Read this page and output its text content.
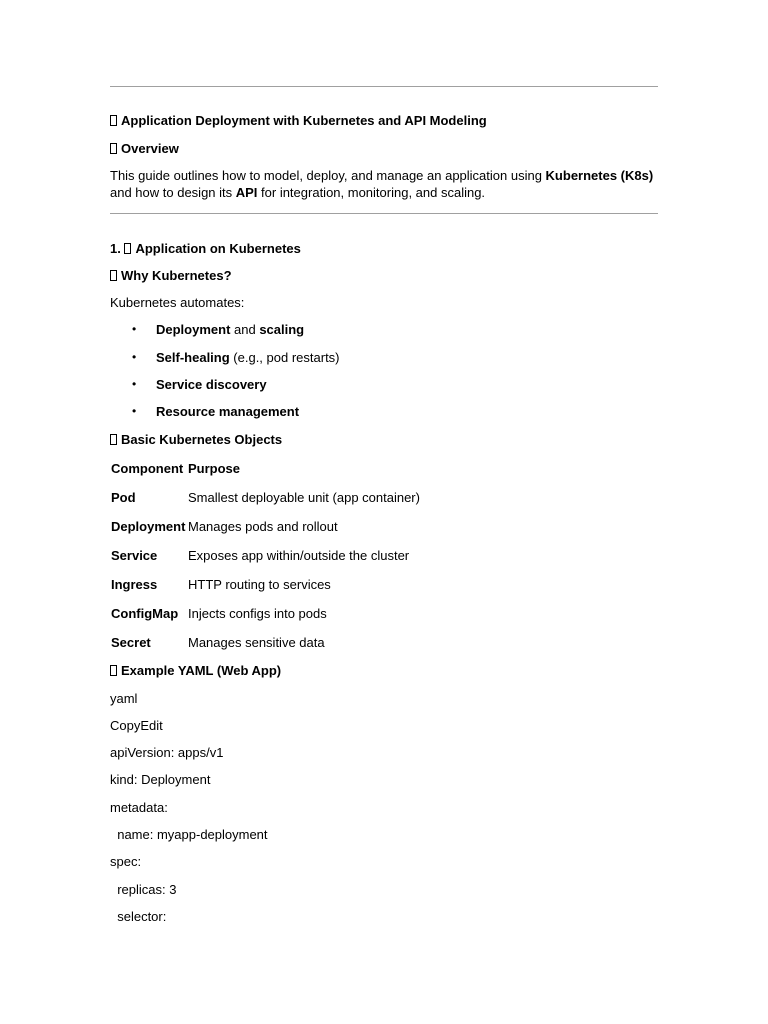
Application Deployment with Kubernetes and API Modeling
Overview
This guide outlines how to model, deploy, and manage an application using Kubernetes (K8s)
and how to design its API for integration, monitoring, and scaling.
1. Application on Kubernetes
Why Kubernetes?
Kubernetes automates:
• Deployment and scaling
• Self-healing (e.g., pod restarts)
• Service discovery
• Resource management
Basic Kubernetes Objects
Component Purpose
Pod	Smallest deployable unit (app container)
Deployment Manages pods and rollout
Service Exposes app within/outside the cluster
Ingress HTTP routing to services
ConfigMap Injects configs into pods
Secret	Manages sensitive data
Example YAML (Web App)
yaml
CopyEdit
apiVersion: apps/v1
kind: Deployment
metadata:
name: myapp-deployment
spec:
replicas: 3
selector:
